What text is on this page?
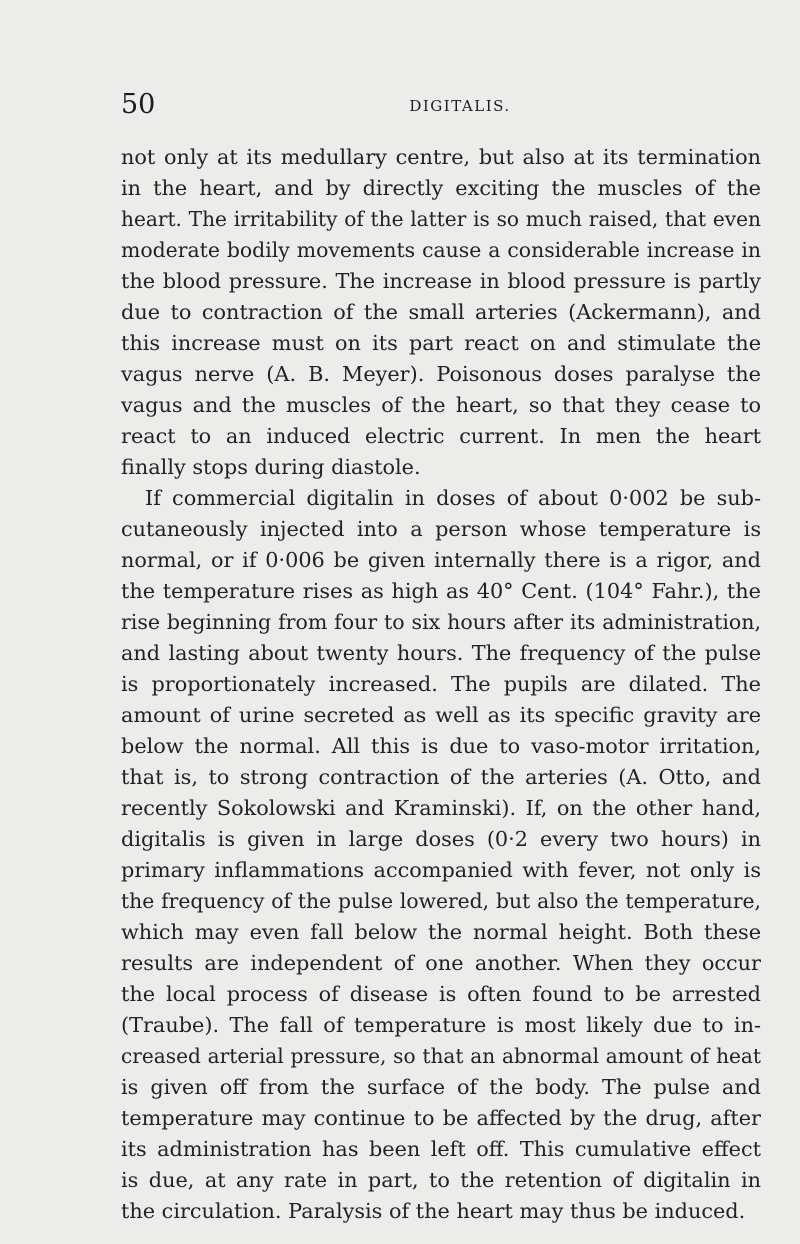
50	DIGITALIS.
not only at its medullary centre, but also at its termination
in the heart, and by directly exciting the muscles of the
heart. The irritability of the latter is so much raised, that even
moderate bodily movements cause a considerable increase in
the blood pressure. The increase in blood pressure is partly
due to contraction of the small arteries (Ackermann), and
this increase must on its part react on and stimulate the
vagus nerve (A. B. Meyer). Poisonous doses paralyse the
vagus and the muscles of the heart, so that they cease to
react to an induced electric current. In men the heart
finally stops during diastole.
If commercial digitalin in doses of about 0·002 be sub-
cutaneously injected into a person whose temperature is
normal, or if 0·006 be given internally there is a rigor, and
the temperature rises as high as 40° Cent. (104° Fahr.), the
rise beginning from four to six hours after its administration,
and lasting about twenty hours. The frequency of the pulse
is proportionately increased. The pupils are dilated. The
amount of urine secreted as well as its specific gravity are
below the normal. All this is due to vaso-motor irritation,
that is, to strong contraction of the arteries (A. Otto, and
recently Sokolowski and Kraminski). If, on the other hand,
digitalis is given in large doses (0·2 every two hours) in
primary inflammations accompanied with fever, not only is
the frequency of the pulse lowered, but also the temperature,
which may even fall below the normal height. Both these
results are independent of one another. When they occur
the local process of disease is often found to be arrested
(Traube). The fall of temperature is most likely due to in-
creased arterial pressure, so that an abnormal amount of heat
is given off from the surface of the body. The pulse and
temperature may continue to be affected by the drug, after
its administration has been left off. This cumulative effect
is due, at any rate in part, to the retention of digitalin in
the circulation. Paralysis of the heart may thus be induced.
